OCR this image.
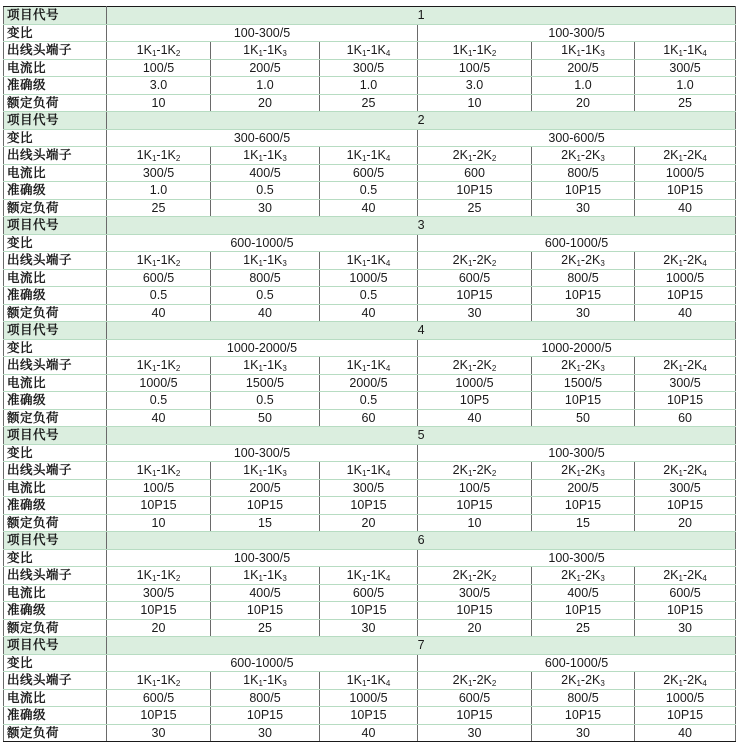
项目代号	1					
变比	100-300/5			100-300/5		
出线头端子	$1K_1-1K_2$	$1K_1-1K_3$	$1K_1-1K_4$	$1K_1-1K_2$	$1K_1-1K_3$	$1K_1-1K_4$
电流比	100/5	200/5	300/5	100/5	200/5	300/5
准确级	3.0	1.0	1.0	3.0	1.0	1.0
额定负荷	10	20	25	10	20	25
项目代号	2					
变比	300-600/5			300-600/5		
出线头端子	$1K_1-1K_2$	$1K_1-1K_3$	$1K_1-1K_4$	$2K_1-2K_2$	$2K_1-2K_3$	$2K_1-2K_4$
电流比	300/5	400/5	600/5	600	800/5	1000/5
准确级	1.0	0.5	0.5	10P15	10P15	10P15
额定负荷	25	30	40	25	30	40
项目代号	3					
变比	600-1000/5			600-1000/5		
出线头端子	$1K_1-1K_2$	$1K_1-1K_3$	$1K_1-1K_4$	$2K_1-2K_2$	$2K_1-2K_3$	$2K_1-2K_4$
电流比	600/5	800/5	1000/5	600/5	800/5	1000/5
准确级	0.5	0.5	0.5	10P15	10P15	10P15
额定负荷	40	40	40	30	30	40
项目代号	4					
变比	1000-2000/5			1000-2000/5		
出线头端子	$1K_1-1K_2$	$1K_1-1K_3$	$1K_1-1K_4$	$2K_1-2K_2$	$2K_1-2K_3$	$2K_1-2K_4$
电流比	1000/5	1500/5	2000/5	1000/5	1500/5	300/5
准确级	0.5	0.5	0.5	10P5	10P15	10P15
额定负荷	40	50	60	40	50	60
项目代号	5					
变比	100-300/5			100-300/5		
出线头端子	$1K_1-1K_2$	$1K_1-1K_3$	$1K_1-1K_4$	$2K_1-2K_2$	$2K_1-2K_3$	$2K_1-2K_4$
电流比	100/5	200/5	300/5	100/5	200/5	300/5
准确级	10P15	10P15	10P15	10P15	10P15	10P15
额定负荷	10	15	20	10	15	20
项目代号	6					
变比	100-300/5			100-300/5		
出线头端子	$1K_1-1K_2$	$1K_1-1K_3$	$1K_1-1K_4$	$2K_1-2K_2$	$2K_1-2K_3$	$2K_1-2K_4$
电流比	300/5	400/5	600/5	300/5	400/5	600/5
准确级	10P15	10P15	10P15	10P15	10P15	10P15
额定负荷	20	25	30	20	25	30
项目代号	7					
变比	600-1000/5			600-1000/5		
出线头端子	$1K_1-1K_2$	$1K_1-1K_3$	$1K_1-1K_4$	$2K_1-2K_2$	$2K_1-2K_3$	$2K_1-2K_4$
电流比	600/5	800/5	1000/5	600/5	800/5	1000/5
准确级	10P15	10P15	10P15	10P15	10P15	10P15
额定负荷	30	30	40	30	30	40
